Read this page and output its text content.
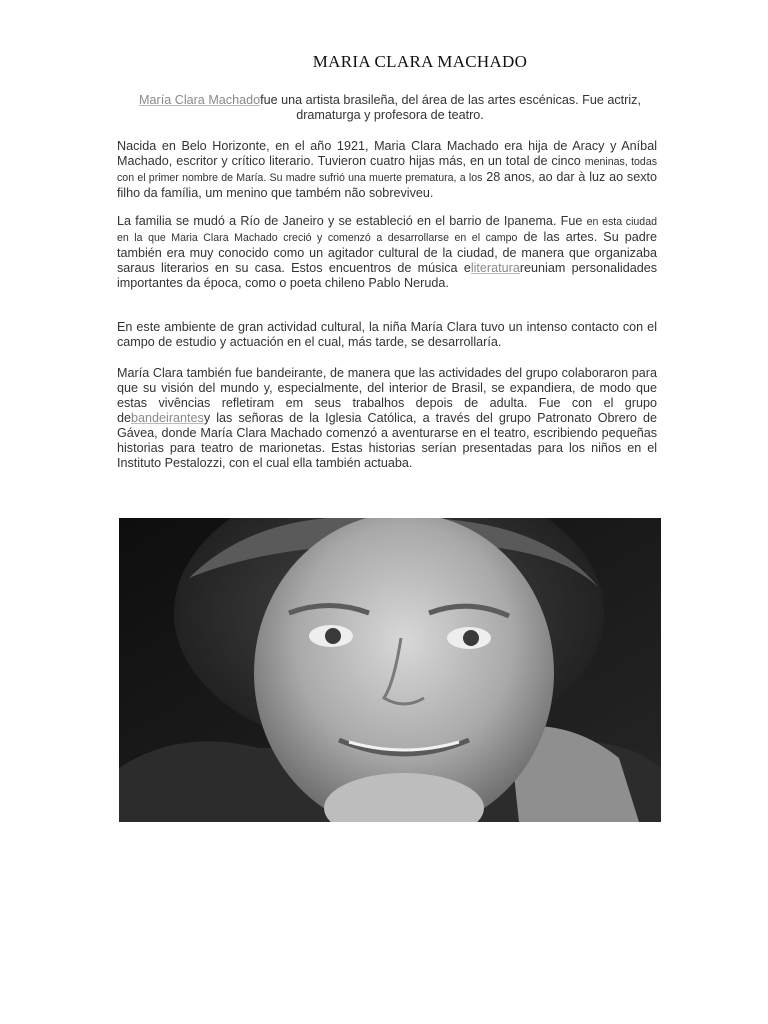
MARIA CLARA MACHADO

María Clara Machadofue una artista brasileña, del área de las artes escénicas. Fue actriz, dramaturga y profesora de teatro.

Nacida en Belo Horizonte, en el año 1921, Maria Clara Machado era hija de Aracy y Aníbal Machado, escritor y crítico literario. Tuvieron cuatro hijas más, en un total de cinco meninas, todas con el primer nombre de María. Su madre sufrió una muerte prematura, a los 28 anos, ao dar à luz ao sexto filho da família, um menino que também não sobreviveu.

La familia se mudó a Río de Janeiro y se estableció en el barrio de Ipanema. Fue en esta ciudad en la que Maria Clara Machado creció y comenzó a desarrollarse en el campo de las artes. Su padre también era muy conocido como un agitador cultural de la ciudad, de manera que organizaba saraus literarios en su casa. Estos encuentros de música eliteraturareuniam personalidades importantes da época, como o poeta chileno Pablo Neruda.

En este ambiente de gran actividad cultural, la niña María Clara tuvo un intenso contacto con el campo de estudio y actuación en el cual, más tarde, se desarrollaría.

María Clara también fue bandeirante, de manera que las actividades del grupo colaboraron para que su visión del mundo y, especialmente, del interior de Brasil, se expandiera, de modo que estas vivências refletiram em seus trabalhos depois de adulta. Fue con el grupo debandeirantesy las señoras de la Iglesia Católica, a través del grupo Patronato Obrero de Gávea, donde María Clara Machado comenzó a aventurarse en el teatro, escribiendo pequeñas historias para teatro de marionetas. Estas historias serían presentadas para los niños en el Instituto Pestalozzi, con el cual ella también actuaba.
